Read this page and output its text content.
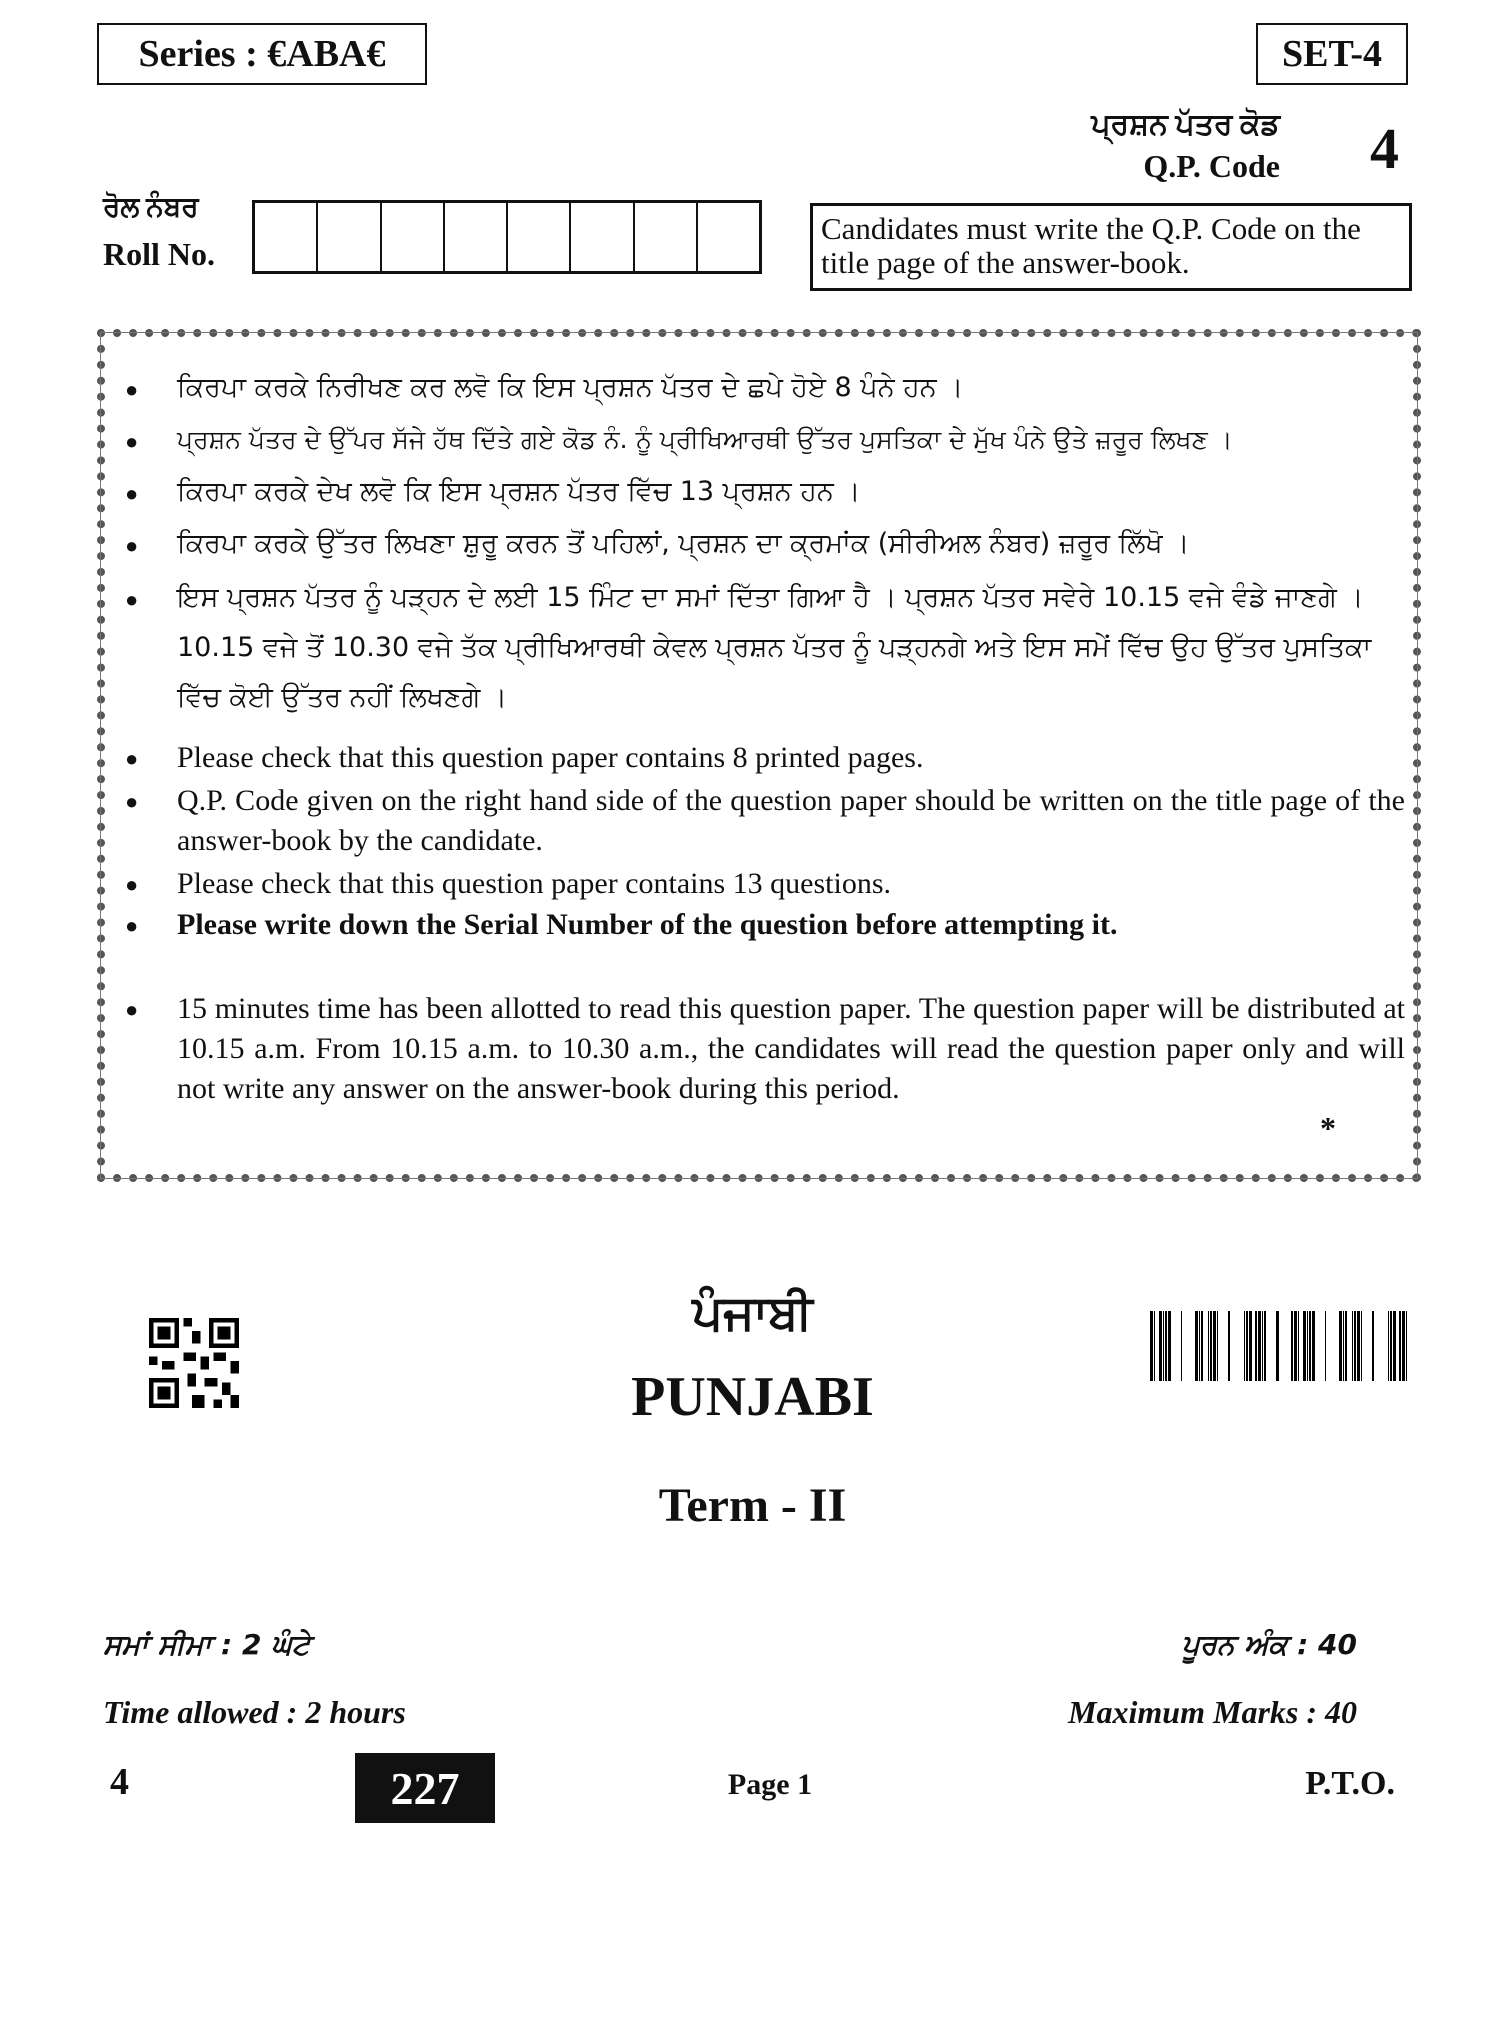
Series : €ABA€	SET-4
ਪ੍ਰਸ਼ਨ ਪੱਤਰ ਕੋਡ
Q.P. Code 4
ਰੋਲ ਨੰਬਰ
Roll No.
Candidates must write the Q.P. Code on the title page of the answer-book.
● ਕਿਰਪਾ ਕਰਕੇ ਨਿਰੀਖਣ ਕਰ ਲਵੋ ਕਿ ਇਸ ਪ੍ਰਸ਼ਨ ਪੱਤਰ ਦੇ ਛਪੇ ਹੋਏ 8 ਪੰਨੇ ਹਨ ।
● ਪ੍ਰਸ਼ਨ ਪੱਤਰ ਦੇ ਉੱਪਰ ਸੱਜੇ ਹੱਥ ਦਿੱਤੇ ਗਏ ਕੋਡ ਨੰ. ਨੂੰ ਪ੍ਰੀਖਿਆਰਥੀ ਉੱਤਰ ਪੁਸਤਿਕਾ ਦੇ ਮੁੱਖ ਪੰਨੇ ਉਤੇ ਜ਼ਰੂਰ ਲਿਖਣ ।
● ਕਿਰਪਾ ਕਰਕੇ ਦੇਖ ਲਵੋ ਕਿ ਇਸ ਪ੍ਰਸ਼ਨ ਪੱਤਰ ਵਿੱਚ 13 ਪ੍ਰਸ਼ਨ ਹਨ ।
● ਕਿਰਪਾ ਕਰਕੇ ਉੱਤਰ ਲਿਖਣਾ ਸ਼ੁਰੂ ਕਰਨ ਤੋਂ ਪਹਿਲਾਂ, ਪ੍ਰਸ਼ਨ ਦਾ ਕ੍ਰਮਾਂਕ (ਸੀਰੀਅਲ ਨੰਬਰ) ਜ਼ਰੂਰ ਲਿੱਖੋ ।
● ਇਸ ਪ੍ਰਸ਼ਨ ਪੱਤਰ ਨੂੰ ਪੜ੍ਹਨ ਦੇ ਲਈ 15 ਮਿੰਟ ਦਾ ਸਮਾਂ ਦਿੱਤਾ ਗਿਆ ਹੈ । ਪ੍ਰਸ਼ਨ ਪੱਤਰ ਸਵੇਰੇ 10.15 ਵਜੇ ਵੰਡੇ ਜਾਣਗੇ । 10.15 ਵਜੇ ਤੋਂ 10.30 ਵਜੇ ਤੱਕ ਪ੍ਰੀਖਿਆਰਥੀ ਕੇਵਲ ਪ੍ਰਸ਼ਨ ਪੱਤਰ ਨੂੰ ਪੜ੍ਹਨਗੇ ਅਤੇ ਇਸ ਸਮੇਂ ਵਿੱਚ ਉਹ ਉੱਤਰ ਪੁਸਤਿਕਾ ਵਿੱਚ ਕੋਈ ਉੱਤਰ ਨਹੀਂ ਲਿਖਣਗੇ ।
● Please check that this question paper contains 8 printed pages.
● Q.P. Code given on the right hand side of the question paper should be written on the title page of the answer-book by the candidate.
● Please check that this question paper contains 13 questions.
● Please write down the Serial Number of the question before attempting it.
● 15 minutes time has been allotted to read this question paper. The question paper will be distributed at 10.15 a.m. From 10.15 a.m. to 10.30 a.m., the candidates will read the question paper only and will not write any answer on the answer-book during this period.
*
ਪੰਜਾਬੀ
PUNJABI
Term - II
ਸਮਾਂ ਸੀਮਾ : 2 ਘੰਟੇ
Time allowed : 2 hours
ਪੂਰਨ ਅੰਕ : 40
Maximum Marks : 40
4	227	Page 1	P.T.O.
